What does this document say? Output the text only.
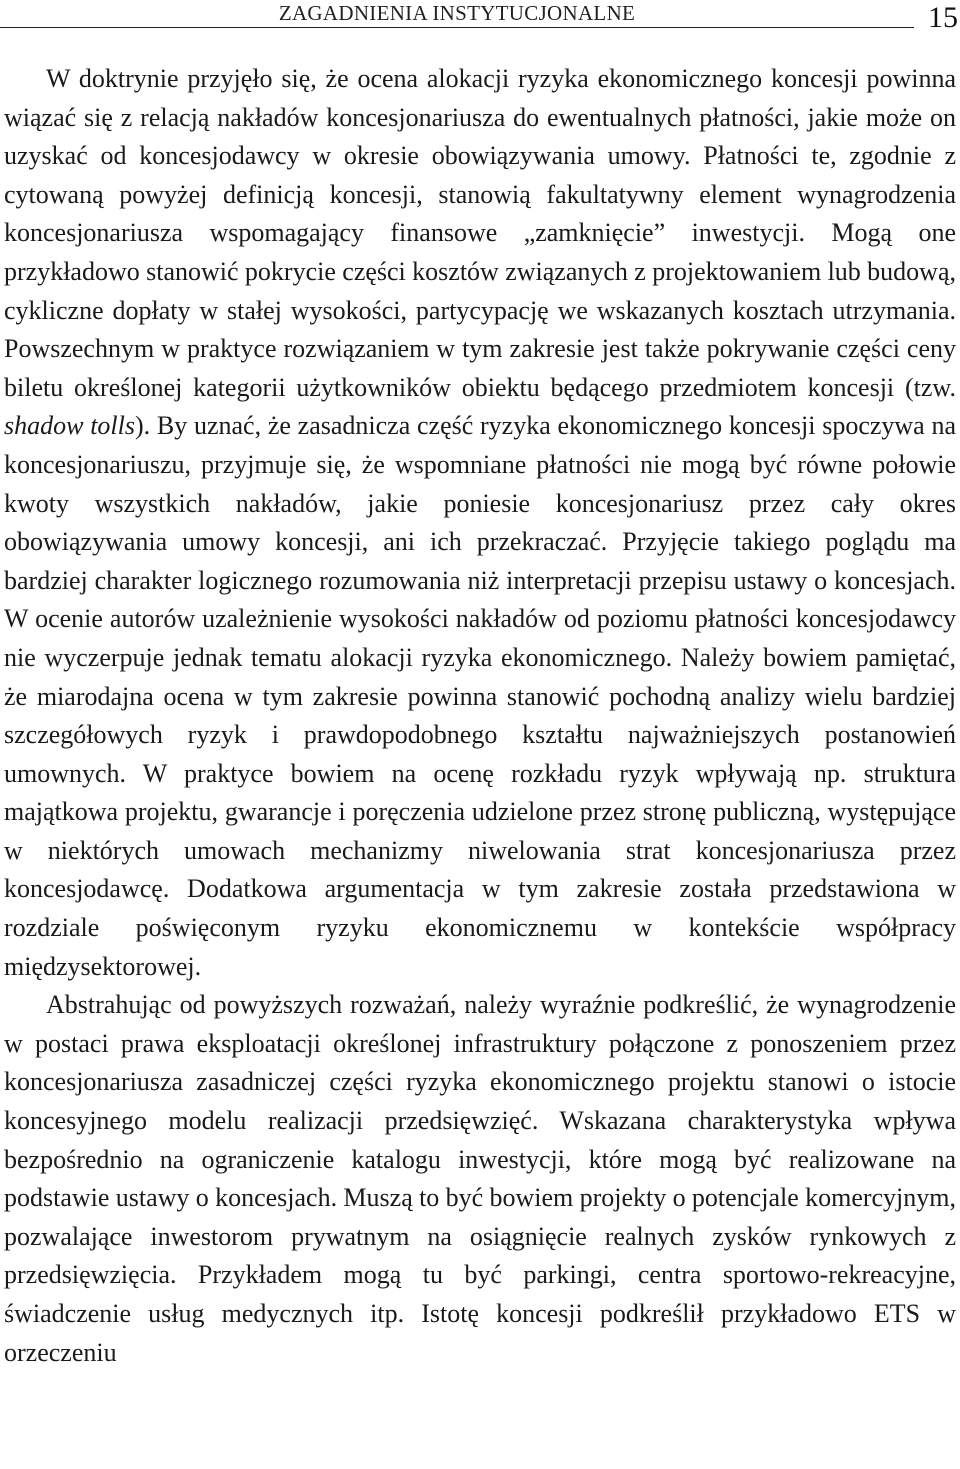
ZAGADNIENIA INSTYTUCJONALNE	15

W doktrynie przyjęło się, że ocena alokacji ryzyka ekonomicznego koncesji powinna wiązać się z relacją nakładów koncesjonariusza do ewentualnych płatności, jakie może on uzyskać od koncesjodawcy w okresie obowiązywania umowy. Płatności te, zgodnie z cytowaną powyżej definicją koncesji, stanowią fakultatywny element wynagrodzenia koncesjonariusza wspomagający finansowe „zamknięcie” inwestycji. Mogą one przykładowo stanowić pokrycie części kosztów związanych z projektowaniem lub budową, cykliczne dopłaty w stałej wysokości, partycypację we wskazanych kosztach utrzymania. Powszechnym w praktyce rozwiązaniem w tym zakresie jest także pokrywanie części ceny biletu określonej kategorii użytkowników obiektu będącego przedmiotem koncesji (tzw. shadow tolls). By uznać, że zasadnicza część ryzyka ekonomicznego koncesji spoczywa na koncesjonariuszu, przyjmuje się, że wspomniane płatności nie mogą być równe połowie kwoty wszystkich nakładów, jakie poniesie koncesjonariusz przez cały okres obowiązywania umowy koncesji, ani ich przekraczać. Przyjęcie takiego poglądu ma bardziej charakter logicznego rozumowania niż interpretacji przepisu ustawy o koncesjach. W ocenie autorów uzależnienie wysokości nakładów od poziomu płatności koncesjodawcy nie wyczerpuje jednak tematu alokacji ryzyka ekonomicznego. Należy bowiem pamiętać, że miarodajna ocena w tym zakresie powinna stanowić pochodną analizy wielu bardziej szczegółowych ryzyk i prawdopodobnego kształtu najważniejszych postanowień umownych. W praktyce bowiem na ocenę rozkładu ryzyk wpływają np. struktura majątkowa projektu, gwarancje i poręczenia udzielone przez stronę publiczną, występujące w niektórych umowach mechanizmy niwelowania strat koncesjonariusza przez koncesjodawcę. Dodatkowa argumentacja w tym zakresie została przedstawiona w rozdziale poświęconym ryzyku ekonomicznemu w kontekście współpracy międzysektorowej.

Abstrahując od powyższych rozważań, należy wyraźnie podkreślić, że wynagrodzenie w postaci prawa eksploatacji określonej infrastruktury połączone z ponoszeniem przez koncesjonariusza zasadniczej części ryzyka ekonomicznego projektu stanowi o istocie koncesyjnego modelu realizacji przedsięwzięć. Wskazana charakterystyka wpływa bezpośrednio na ograniczenie katalogu inwestycji, które mogą być realizowane na podstawie ustawy o koncesjach. Muszą to być bowiem projekty o potencjale komercyjnym, pozwalające inwestorom prywatnym na osiągnięcie realnych zysków rynkowych z przedsięwzięcia. Przykładem mogą tu być parkingi, centra sportowo-rekreacyjne, świadczenie usług medycznych itp. Istotę koncesji podkreślił przykładowo ETS w orzeczeniu
